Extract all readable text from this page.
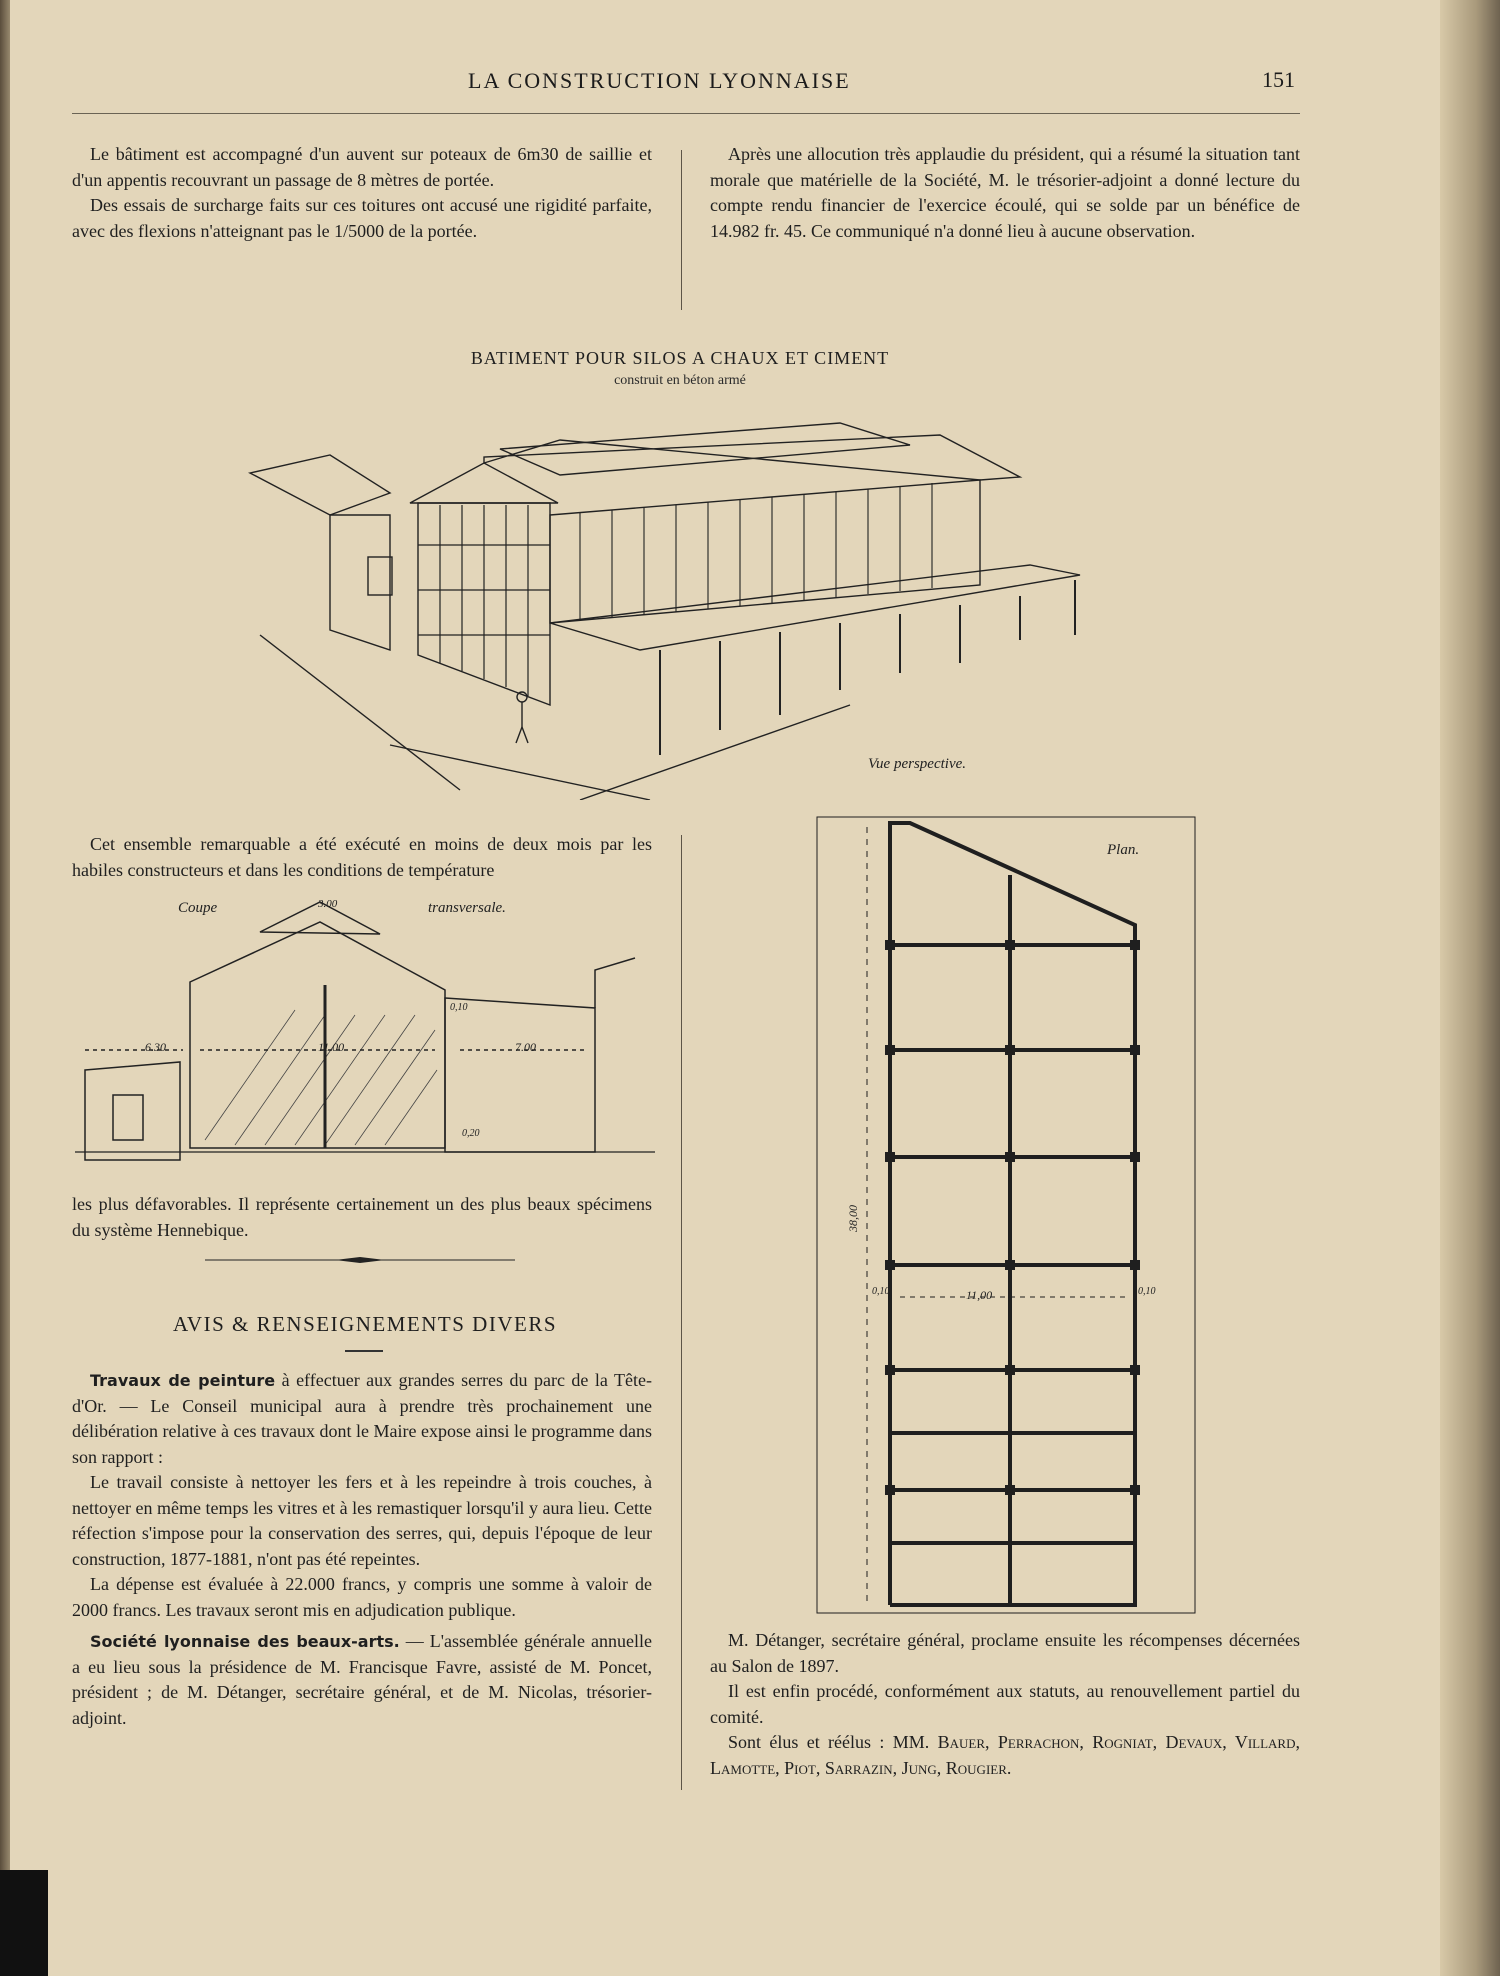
LA CONSTRUCTION LYONNAISE	151

Le bâtiment est accompagné d'un auvent sur poteaux de 6m30 de saillie et d'un appentis recouvrant un passage de 8 mètres de portée.

Des essais de surcharge faits sur ces toitures ont accusé une rigidité parfaite, avec des flexions n'atteignant pas le 1/5000 de la portée.

Après une allocution très applaudie du président, qui a résumé la situation tant morale que matérielle de la Société, M. le trésorier-adjoint a donné lecture du compte rendu financier de l'exercice écoulé, qui se solde par un bénéfice de 14.982 fr. 45. Ce communiqué n'a donné lieu à aucune observation.

BATIMENT POUR SILOS A CHAUX ET CIMENT
construit en béton armé
Vue perspective.

Cet ensemble remarquable a été exécuté en moins de deux mois par les habiles constructeurs et dans les conditions de température

Coupe	transversale.
6.30	11.00	7.00
3.00
0,10
0,20

les plus défavorables. Il représente certainement un des plus beaux spécimens du système Hennebique.

AVIS & RENSEIGNEMENTS DIVERS

Travaux de peinture à effectuer aux grandes serres du parc de la Tête-d'Or. — Le Conseil municipal aura à prendre très prochainement une délibération relative à ces travaux dont le Maire expose ainsi le programme dans son rapport :

Le travail consiste à nettoyer les fers et à les repeindre à trois couches, à nettoyer en même temps les vitres et à les remastiquer lorsqu'il y aura lieu. Cette réfection s'impose pour la conservation des serres, qui, depuis l'époque de leur construction, 1877-1881, n'ont pas été repeintes.

La dépense est évaluée à 22.000 francs, y compris une somme à valoir de 2000 francs. Les travaux seront mis en adjudication publique.

Société lyonnaise des beaux-arts. — L'assemblée générale annuelle a eu lieu sous la présidence de M. Francisque Favre, assisté de M. Poncet, président ; de M. Détanger, secrétaire général, et de M. Nicolas, trésorier-adjoint.

Plan.
38,00
11,00
0,10	0,10

M. Détanger, secrétaire général, proclame ensuite les récompenses décernées au Salon de 1897.

Il est enfin procédé, conformément aux statuts, au renouvellement partiel du comité.

Sont élus et réélus : MM. Bauer, Perrachon, Rogniat, Devaux, Villard, Lamotte, Piot, Sarrazin, Jung, Rougier.
